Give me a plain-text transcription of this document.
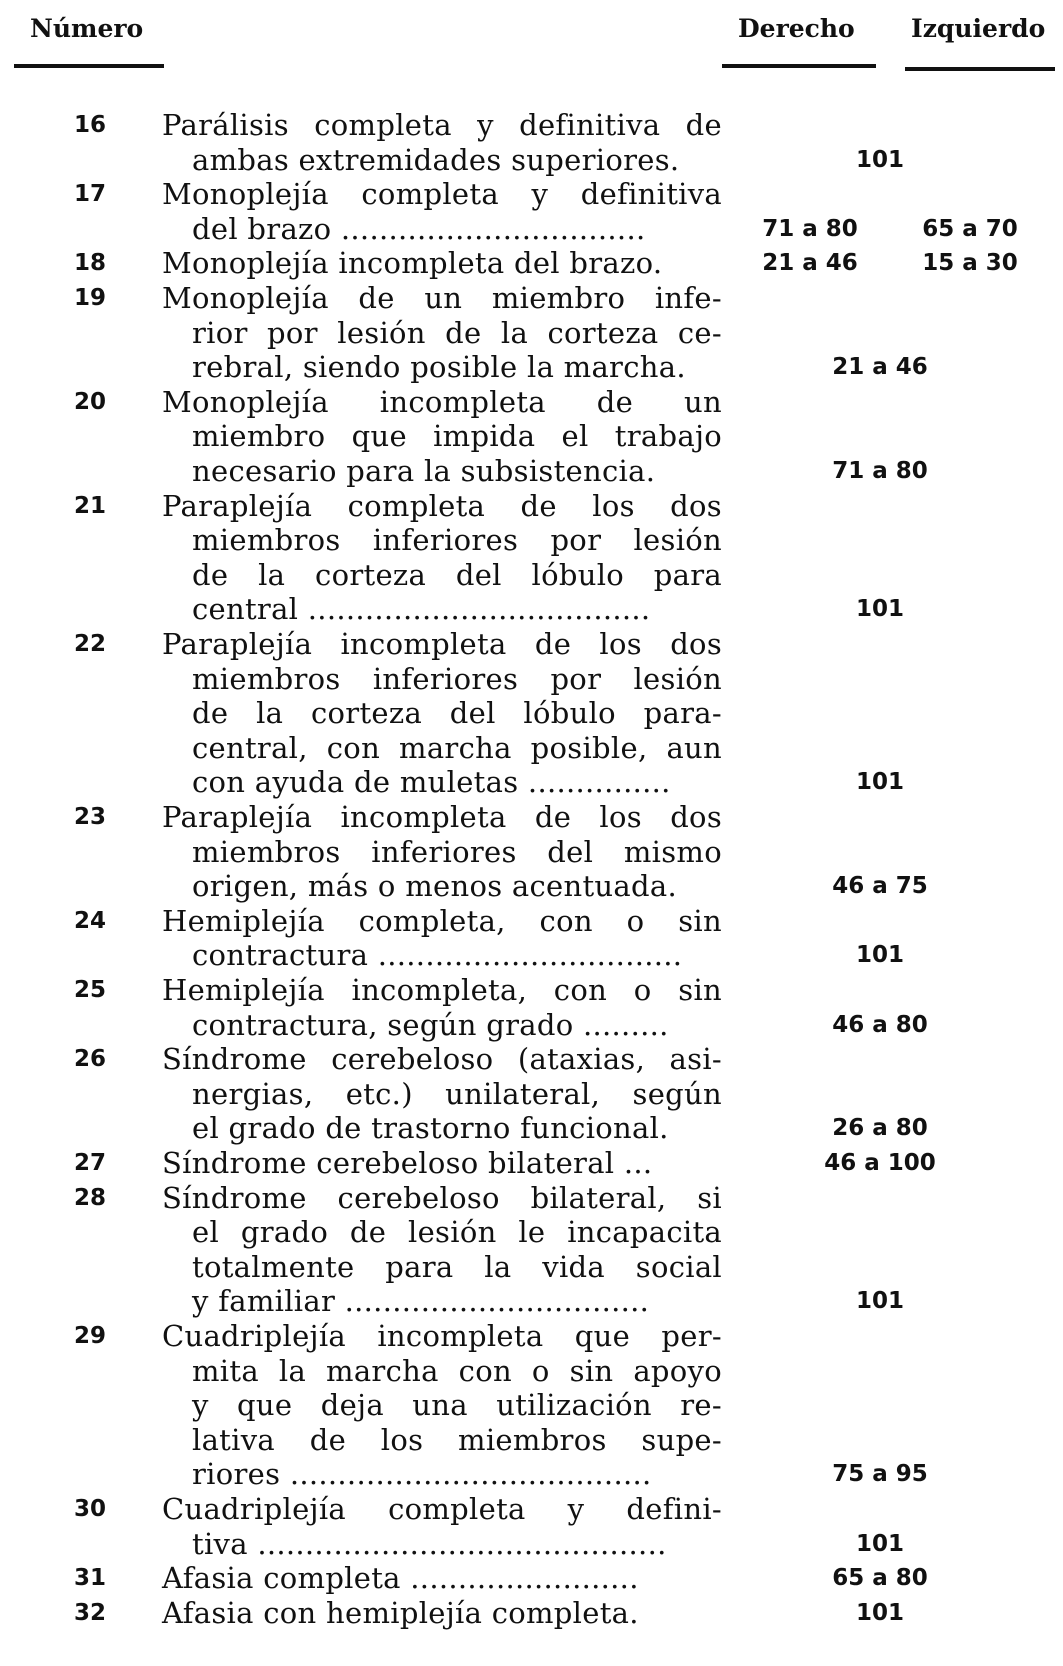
Número	Derecho Izquierdo
16 Parálisis completa y definitiva de
ambas extremidades superiores.	101
17 Monoplejía completa y definitiva
del brazo ................................	71 a 80	65 a 70
18 Monoplejía incompleta del brazo.	21 a 46	15 a 30
19 Monoplejía de un miembro infe-
rior por lesión de la corteza ce-
rebral, siendo posible la marcha.	21 a 46
20 Monoplejía incompleta de un
miembro que impida el trabajo
necesario para la subsistencia.	71 a 80
21 Paraplejía completa de los dos
miembros inferiores por lesión
de la corteza del lóbulo para
central ....................................	101
22 Paraplejía incompleta de los dos
miembros inferiores por lesión
de la corteza del lóbulo para-
central, con marcha posible, aun
con ayuda de muletas ...............	101
23 Paraplejía incompleta de los dos
miembros inferiores del mismo
origen, más o menos acentuada.	46 a 75
24 Hemiplejía completa, con o sin
contractura ................................	101
25 Hemiplejía incompleta, con o sin
contractura, según grado .........	46 a 80
26 Síndrome cerebeloso (ataxias, asi-
nergias, etc.) unilateral, según
el grado de trastorno funcional.	26 a 80
27 Síndrome cerebeloso bilateral ...	46 a 100
28 Síndrome cerebeloso bilateral, si
el grado de lesión le incapacita
totalmente para la vida social
y familiar ................................	101
29 Cuadriplejía incompleta que per-
mita la marcha con o sin apoyo
y que deja una utilización re-
lativa de los miembros supe-
riores ......................................	75 a 95
30 Cuadriplejía completa y defini-
tiva ...........................................	101
31 Afasia completa ........................	65 a 80
32 Afasia con hemiplejía completa.	101
